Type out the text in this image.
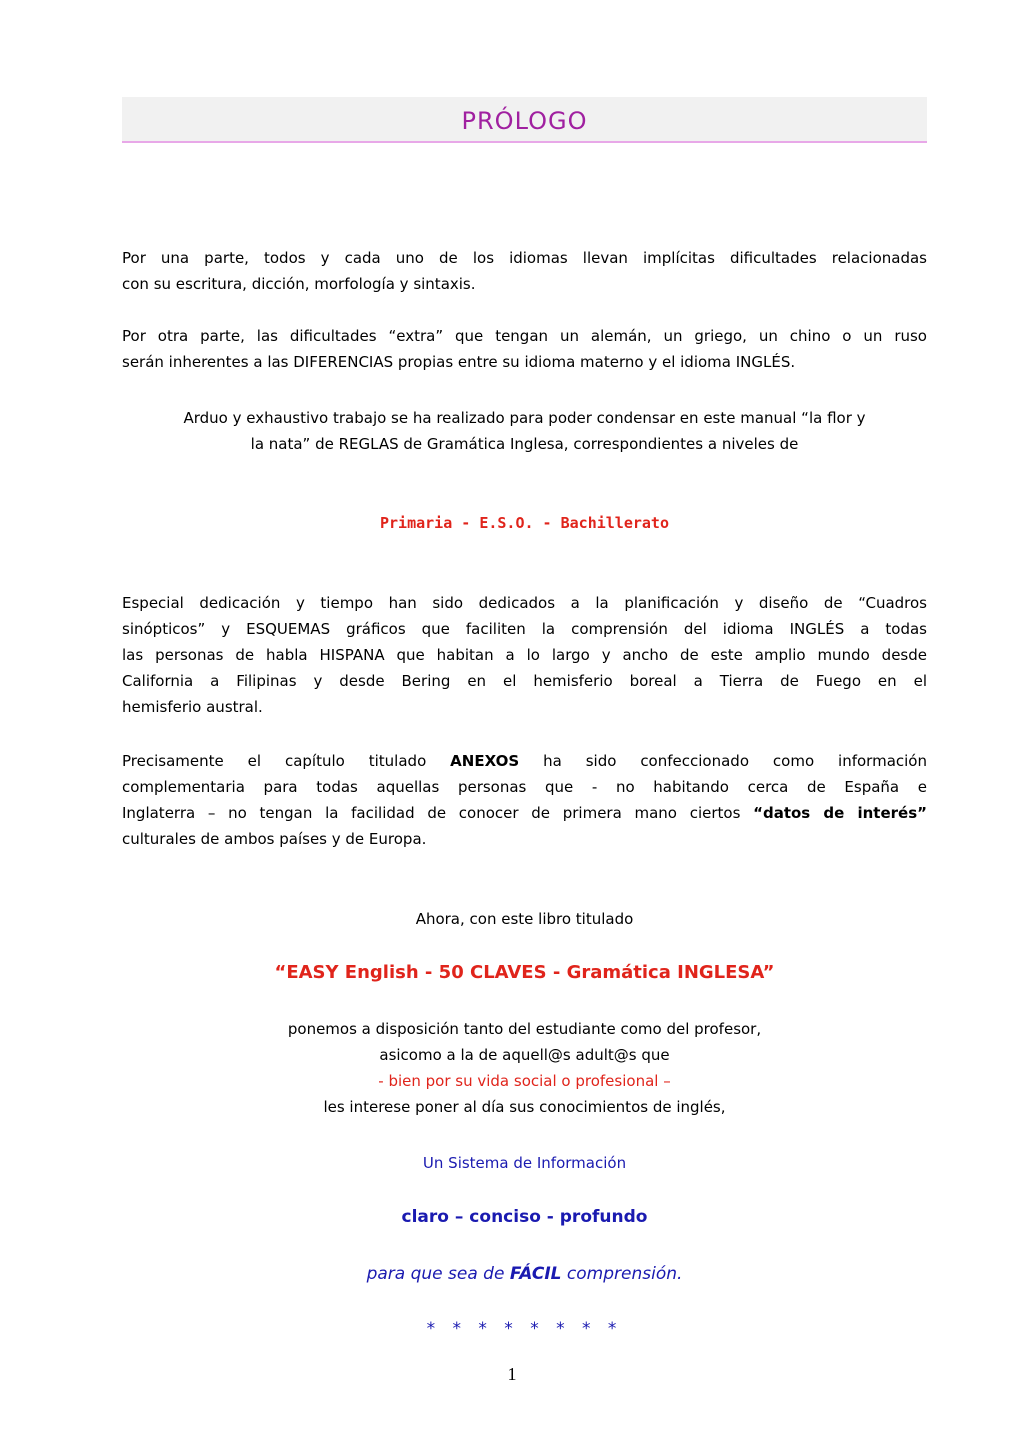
PRÓLOGO
Por una parte, todos y cada uno de los idiomas llevan implícitas dificultades relacionadas
con su escritura, dicción, morfología y sintaxis.
Por otra parte, las dificultades “extra” que tengan un alemán, un griego, un chino o un ruso
serán inherentes a las DIFERENCIAS propias entre su idioma materno y el idioma INGLÉS.
Arduo y exhaustivo trabajo se ha realizado para poder condensar en este manual “la flor y
la nata” de REGLAS de Gramática Inglesa, correspondientes a niveles de
Primaria - E.S.O. - Bachillerato
Especial dedicación y tiempo han sido dedicados a la planificación y diseño de “Cuadros
sinópticos” y ESQUEMAS gráficos que faciliten la comprensión del idioma INGLÉS a todas
las personas de habla HISPANA que habitan a lo largo y ancho de este amplio mundo desde
California a Filipinas y desde Bering en el hemisferio boreal a Tierra de Fuego en el
hemisferio austral.
Precisamente el capítulo titulado ANEXOS ha sido confeccionado como información
complementaria para todas aquellas personas que - no habitando cerca de España e
Inglaterra – no tengan la facilidad de conocer de primera mano ciertos “datos de interés”
culturales de ambos países y de Europa.
Ahora, con este libro titulado
“EASY English - 50 CLAVES - Gramática INGLESA”
ponemos a disposición tanto del estudiante como del profesor,
asicomo a la de aquell@s adult@s que
- bien por su vida social o profesional –
les interese poner al día sus conocimientos de inglés,
Un Sistema de Información
claro – conciso - profundo
para que sea de FÁCIL comprensión.
* * * * * * * *
1
